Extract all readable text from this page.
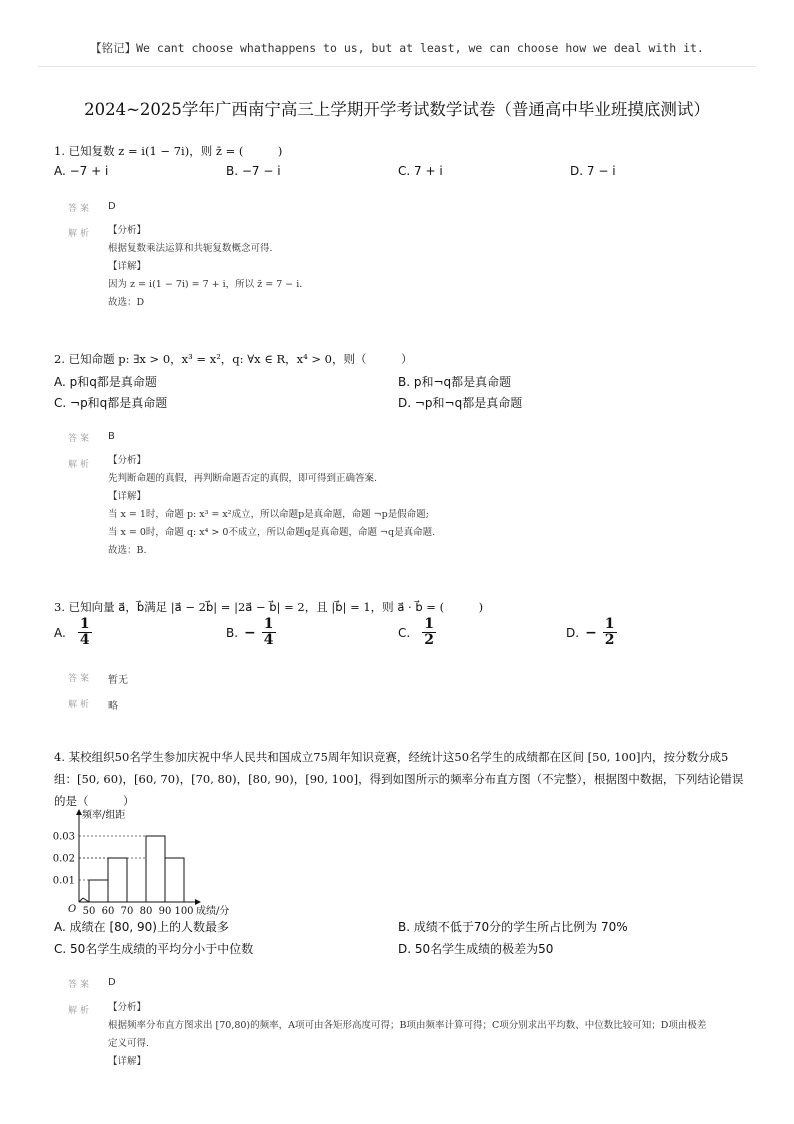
【铭记】We cant choose whathappens to us, but at least, we can choose how we deal with it.
2024~2025学年广西南宁高三上学期开学考试数学试卷（普通高中毕业班摸底测试）
1. 已知复数 z = i(1 − 7i)，则 z̄ = (　　　)
A. −7 + i	B. −7 − i	C. 7 + i	D. 7 − i
答案 D
解析 【分析】
根据复数乘法运算和共轭复数概念可得.
【详解】
因为 z = i(1 − 7i) = 7 + i，所以 z̄ = 7 − i.
故选：D
2. 已知命题 p: ∃x > 0，x³ = x²，q: ∀x ∈ R，x⁴ > 0，则（　　　）
A. p和q都是真命题	B. p和¬q都是真命题
C. ¬p和q都是真命题	D. ¬p和¬q都是真命题
答案 B
解析 【分析】
先判断命题的真假，再判断命题否定的真假，即可得到正确答案.
【详解】
当 x = 1时，命题 p: x³ = x²成立，所以命题p是真命题，命题 ¬p是假命题;
当 x = 0时，命题 q: x⁴ > 0不成立，所以命题q是真命题，命题 ¬q是真命题.
故选：B.
3. 已知向量 a⃗，b⃗满足 |a⃗ − 2b⃗| = |2a⃗ − b⃗| = 2，且 |b⃗| = 1，则 a⃗ · b⃗ = (　　　)
A. $\frac{1}{4}$	B. − $\frac{1}{4}$	C. $\frac{1}{2}$	D. − $\frac{1}{2}$
答案 暂无
解析 略
4. 某校组织50名学生参加庆祝中华人民共和国成立75周年知识竞赛，经统计这50名学生的成绩都在区间 [50, 100]内，按分数分成5组：[50, 60)，[60, 70)，[70, 80)，[80, 90)，[90, 100]，得到如图所示的频率分布直方图（不完整），根据图中数据，下列结论错误的是（　　　）
0.01
0.02
0.03
50 60 70 80 90 100
频率/组距
成绩/分
O
A. 成绩在 [80, 90)上的人数最多	B. 成绩不低于70分的学生所占比例为 70%
C. 50名学生成绩的平均分小于中位数	D. 50名学生成绩的极差为50
答案 D
解析 【分析】
根据频率分布直方图求出 [70,80)的频率，A项可由各矩形高度可得；B项由频率计算可得；C项分别求出平均数、中位数比较可知；D项由极差定义可得.
【详解】
